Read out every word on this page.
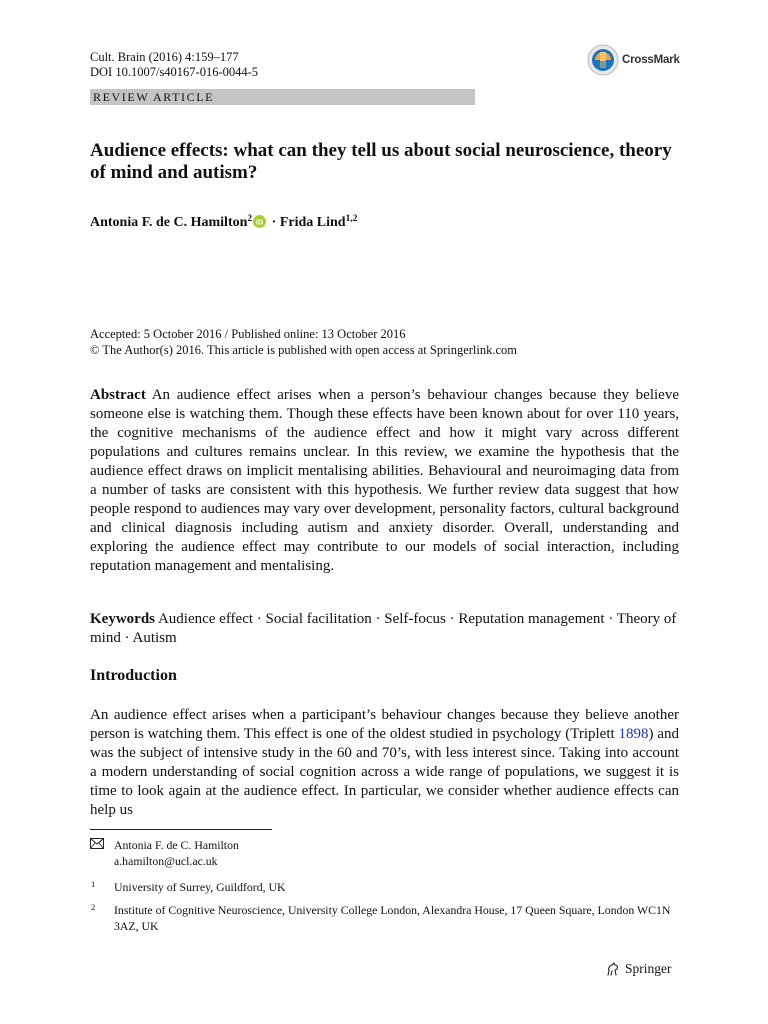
Cult. Brain (2016) 4:159–177
DOI 10.1007/s40167-016-0044-5
CrossMark
REVIEW ARTICLE
Audience effects: what can they tell us about social neuroscience, theory of mind and autism?
Antonia F. de C. Hamilton$^2$ iD · Frida Lind$^{1,2}$
Accepted: 5 October 2016 / Published online: 13 October 2016
© The Author(s) 2016. This article is published with open access at Springerlink.com
Abstract An audience effect arises when a person’s behaviour changes because they believe someone else is watching them. Though these effects have been known about for over 110 years, the cognitive mechanisms of the audience effect and how it might vary across different populations and cultures remains unclear. In this review, we examine the hypothesis that the audience effect draws on implicit mentalising abilities. Behavioural and neuroimaging data from a number of tasks are consistent with this hypothesis. We further review data suggest that how people respond to audiences may vary over development, personality factors, cultural background and clinical diagnosis including autism and anxiety disorder. Overall, understanding and exploring the audience effect may contribute to our models of social interaction, including reputation management and mentalising.
Keywords Audience effect · Social facilitation · Self-focus · Reputation management · Theory of mind · Autism
Introduction
An audience effect arises when a participant’s behaviour changes because they believe another person is watching them. This effect is one of the oldest studied in psychology (Triplett 1898) and was the subject of intensive study in the 60 and 70’s, with less interest since. Taking into account a modern understanding of social cognition across a wide range of populations, we suggest it is time to look again at the audience effect. In particular, we consider whether audience effects can help us
Antonia F. de C. Hamilton
a.hamilton@ucl.ac.uk
1 University of Surrey, Guildford, UK
2 Institute of Cognitive Neuroscience, University College London, Alexandra House, 17 Queen Square, London WC1N 3AZ, UK
Springer
